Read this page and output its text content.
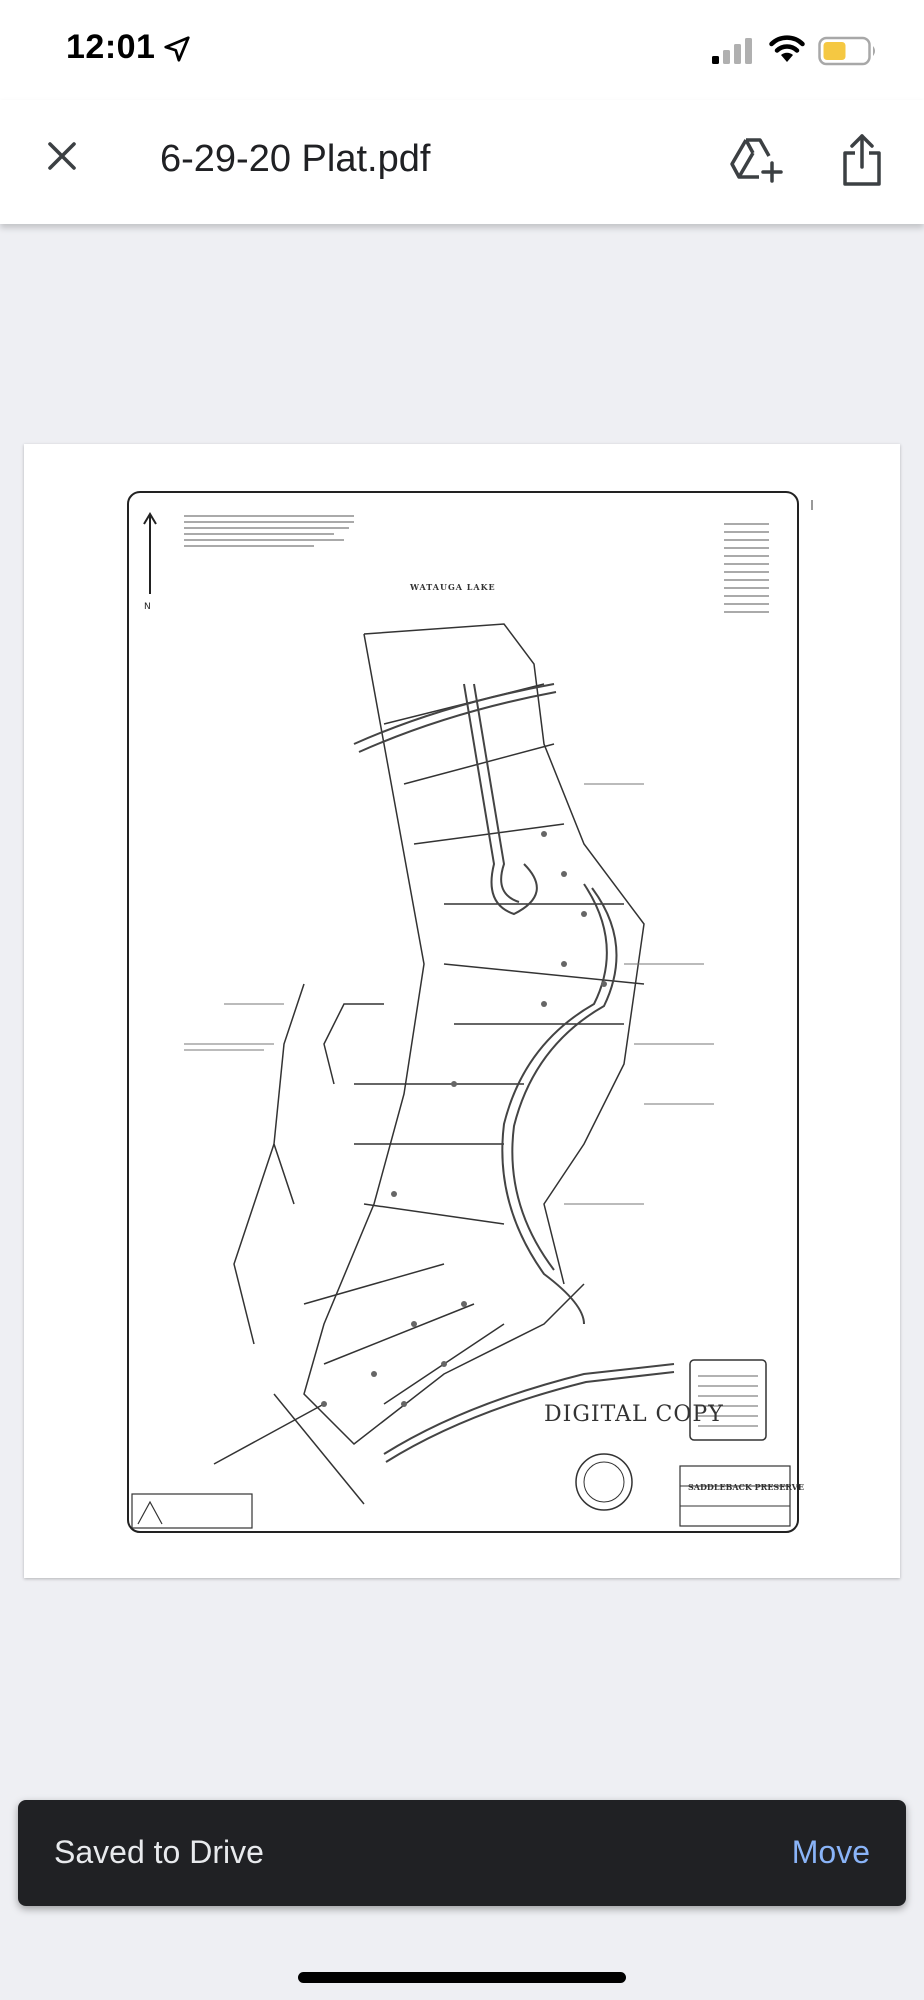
12:01
6-29-20 Plat.pdf
N
WATAUGA LAKE
DIGITAL COPY
SADDLEBACK PRESERVE
Saved to Drive	Move
